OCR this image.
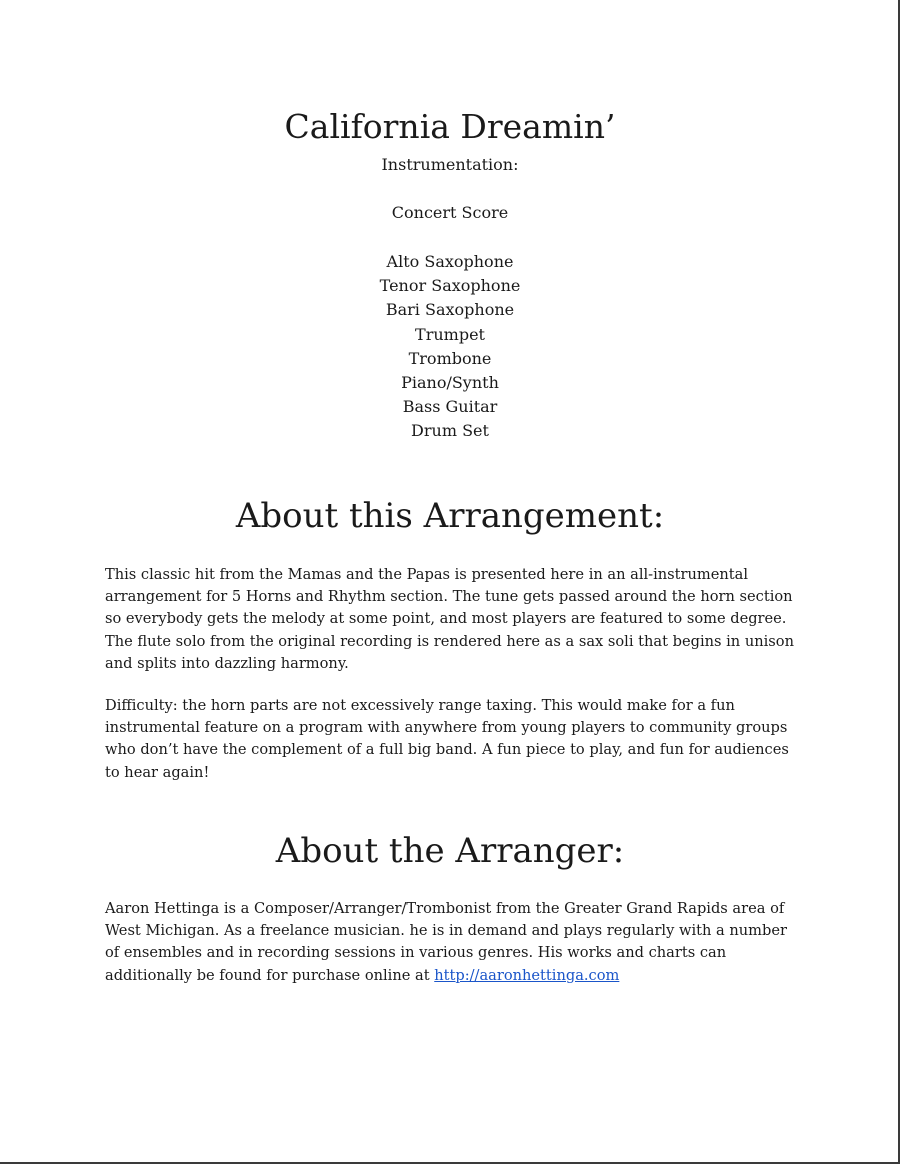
California Dreamin’
Instrumentation:
Concert Score
Alto Saxophone
Tenor Saxophone
Bari Saxophone
Trumpet
Trombone
Piano/Synth
Bass Guitar
Drum Set
About this Arrangement:

This classic hit from the Mamas and the Papas is presented here in an all-instrumental arrangement for 5 Horns and Rhythm section. The tune gets passed around the horn section so everybody gets the melody at some point, and most players are featured to some degree. The flute solo from the original recording is rendered here as a sax soli that begins in unison and splits into dazzling harmony.

Difficulty: the horn parts are not excessively range taxing. This would make for a fun instrumental feature on a program with anywhere from young players to community groups who don’t have the complement of a full big band. A fun piece to play, and fun for audiences to hear again!

About the Arranger:

Aaron Hettinga is a Composer/Arranger/Trombonist from the Greater Grand Rapids area of West Michigan. As a freelance musician. he is in demand and plays regularly with a number of ensembles and in recording sessions in various genres. His works and charts can additionally be found for purchase online at http://aaronhettinga.com
